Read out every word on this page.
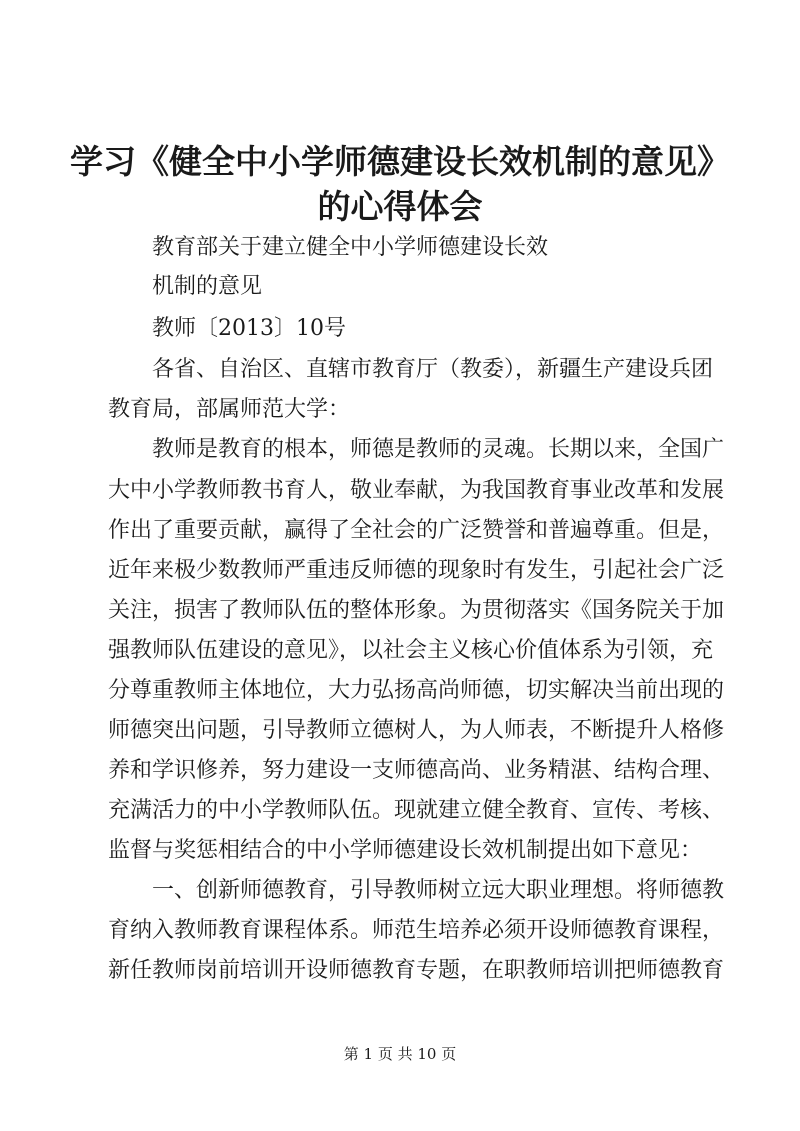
学习《健全中小学师德建设长效机制的意见》
的心得体会

教育部关于建立健全中小学师德建设长效

机制的意见

教师〔2013〕10号

各省、自治区、直辖市教育厅（教委），新疆生产建设兵团

教育局，部属师范大学：

教师是教育的根本，师德是教师的灵魂。长期以来，全国广

大中小学教师教书育人，敬业奉献，为我国教育事业改革和发展

作出了重要贡献，赢得了全社会的广泛赞誉和普遍尊重。但是，

近年来极少数教师严重违反师德的现象时有发生，引起社会广泛

关注，损害了教师队伍的整体形象。为贯彻落实《国务院关于加

强教师队伍建设的意见》，以社会主义核心价值体系为引领，充

分尊重教师主体地位，大力弘扬高尚师德，切实解决当前出现的

师德突出问题，引导教师立德树人，为人师表，不断提升人格修

养和学识修养，努力建设一支师德高尚、业务精湛、结构合理、

充满活力的中小学教师队伍。现就建立健全教育、宣传、考核、

监督与奖惩相结合的中小学师德建设长效机制提出如下意见：

一、创新师德教育，引导教师树立远大职业理想。将师德教

育纳入教师教育课程体系。师范生培养必须开设师德教育课程，

新任教师岗前培训开设师德教育专题，在职教师培训把师德教育

第 1 页 共 10 页
